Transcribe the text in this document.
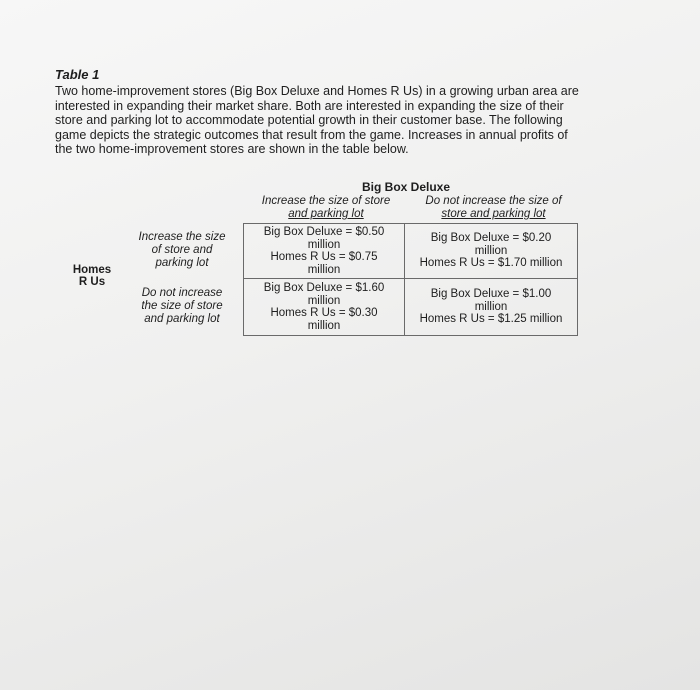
Table 1

Two home-improvement stores (Big Box Deluxe and Homes R Us) in a growing urban area are
interested in expanding their market share. Both are interested in expanding the size of their
store and parking lot to accommodate potential growth in their customer base. The following
game depicts the strategic outcomes that result from the game. Increases in annual profits of
the two home-improvement stores are shown in the table below.

Big Box Deluxe
Increase the size of store
and parking lot
Do not increase the size of
store and parking lot
Increase the size
of store and
parking lot
Do not increase
the size of store
and parking lot
Homes
R Us
Big Box Deluxe = $0.50
million
Homes R Us = $0.75
million
Big Box Deluxe = $0.20
million
Homes R Us = $1.70 million
Big Box Deluxe = $1.60
million
Homes R Us = $0.30
million
Big Box Deluxe = $1.00
million
Homes R Us = $1.25 million
